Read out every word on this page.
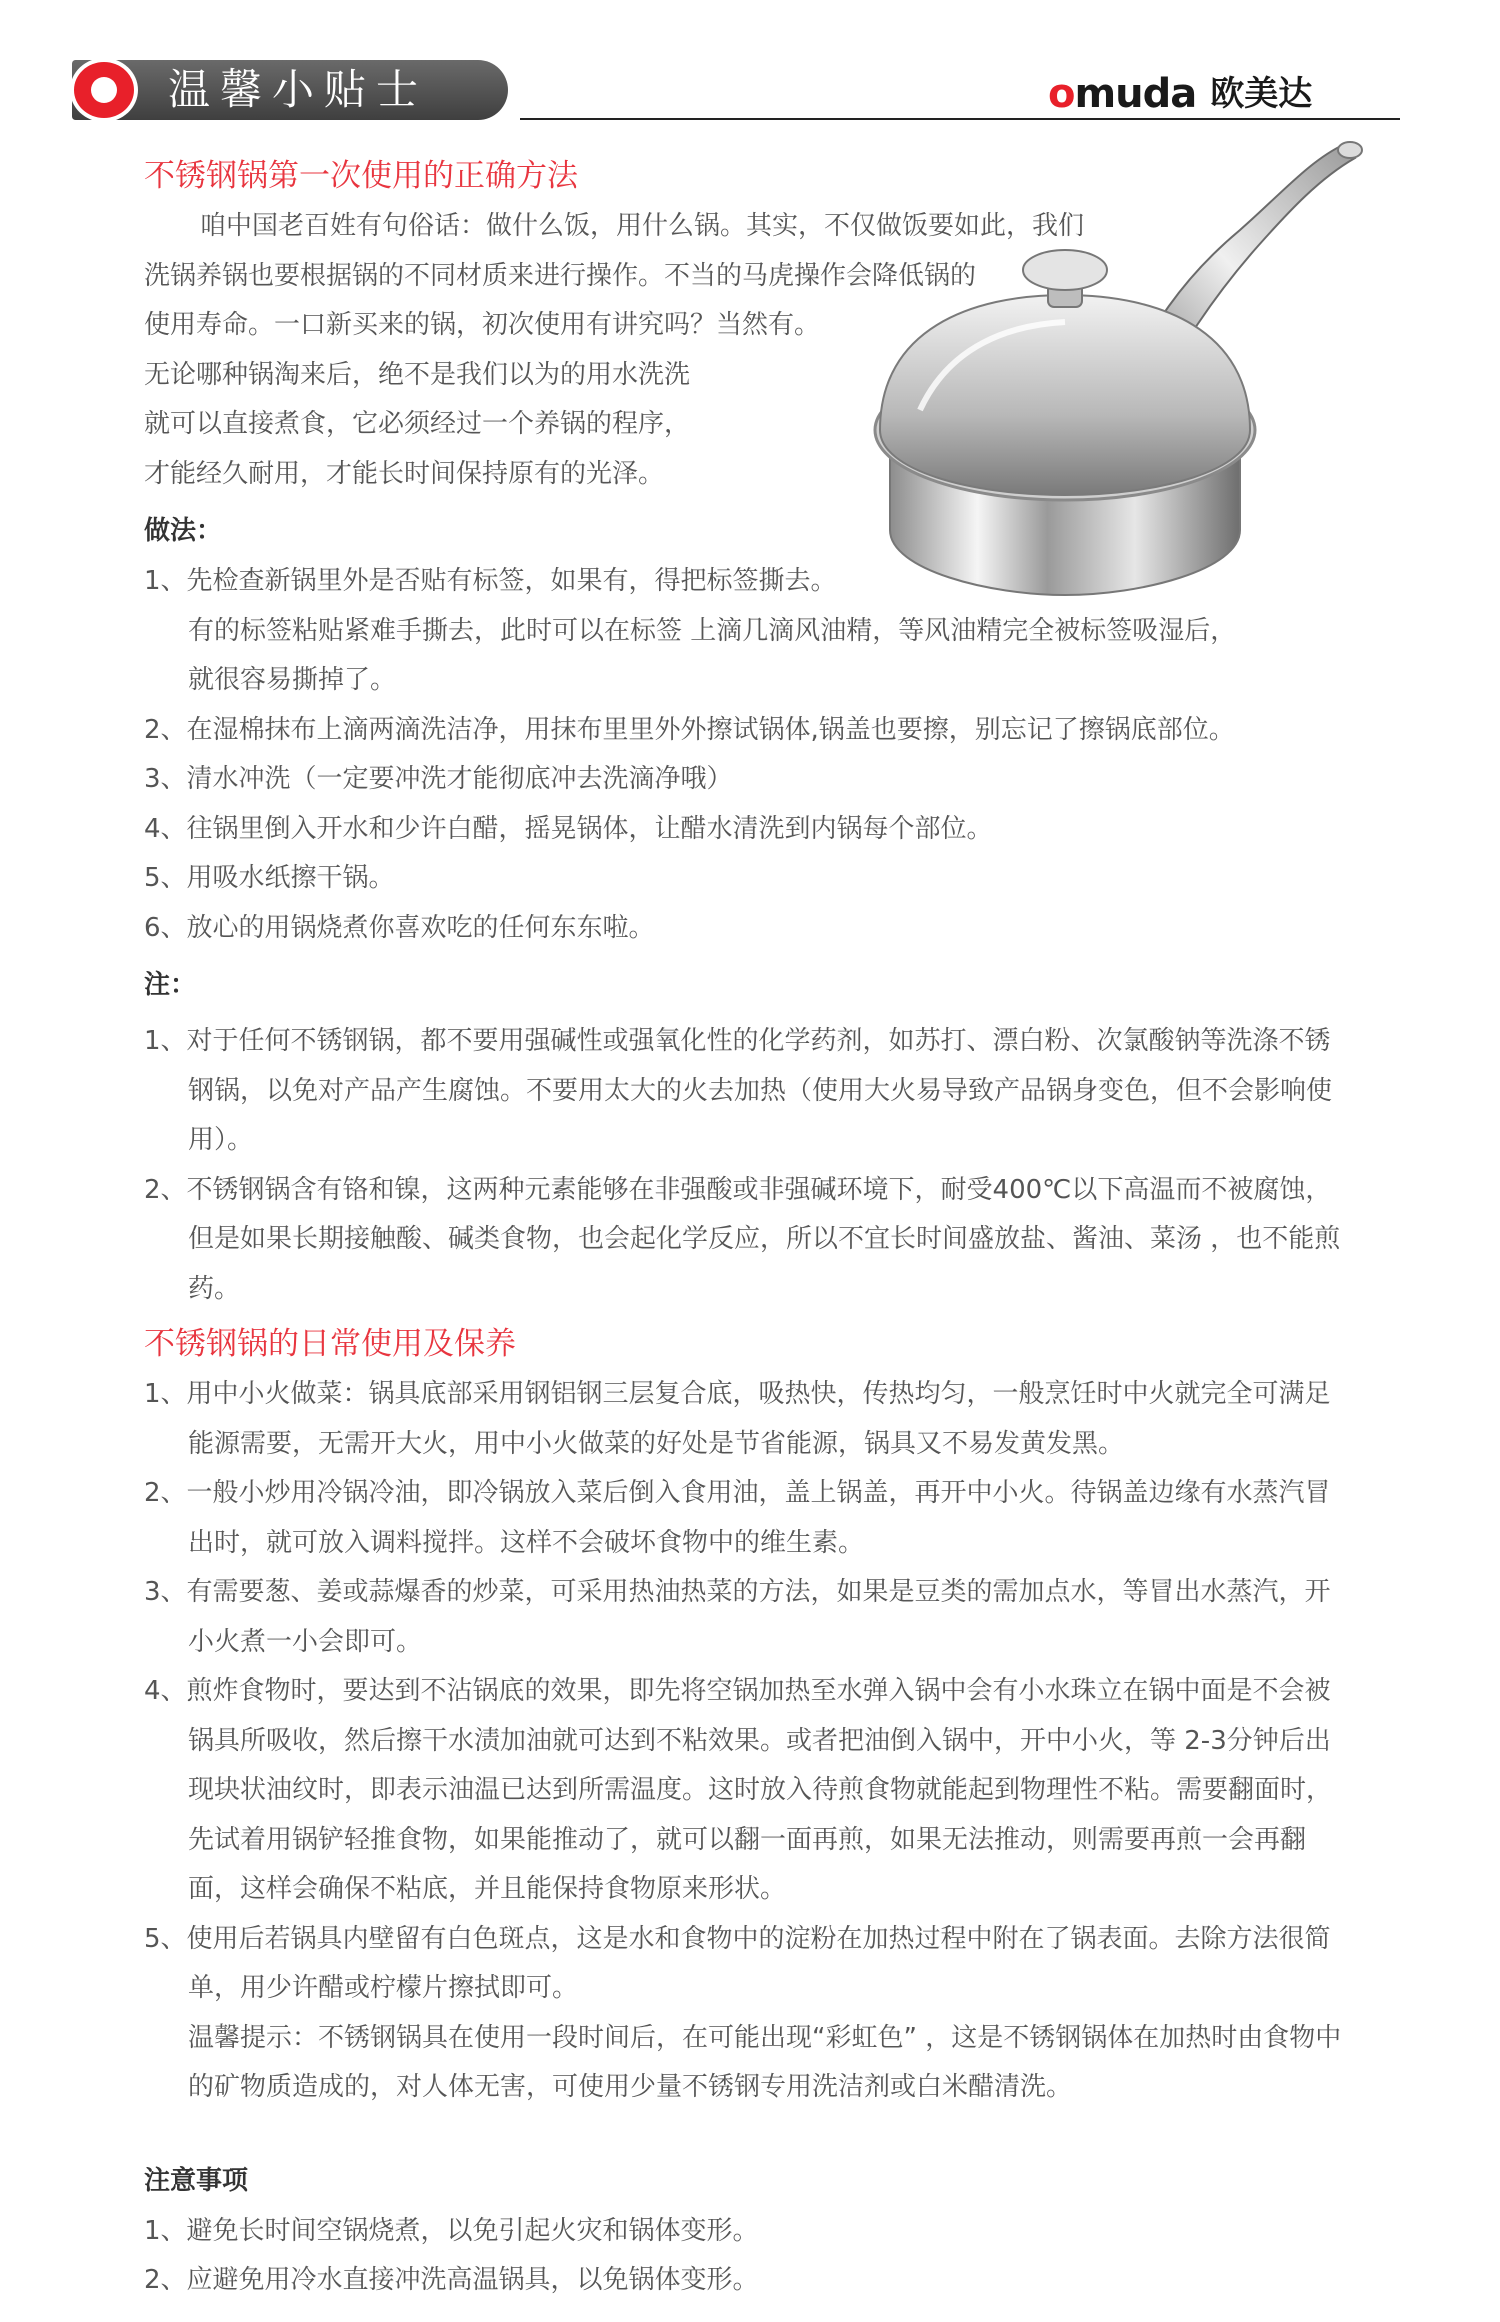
温馨小贴士	omuda 欧美达
不锈钢锅第一次使用的正确方法
咱中国老百姓有句俗话：做什么饭，用什么锅。其实，不仅做饭要如此，我们
洗锅养锅也要根据锅的不同材质来进行操作。不当的马虎操作会降低锅的
使用寿命。一口新买来的锅，初次使用有讲究吗？当然有。
无论哪种锅淘来后，绝不是我们以为的用水洗洗
就可以直接煮食，它必须经过一个养锅的程序，
才能经久耐用，才能长时间保持原有的光泽。
做法：
1、先检查新锅里外是否贴有标签，如果有，得把标签撕去。
有的标签粘贴紧难手撕去，此时可以在标签 上滴几滴风油精，等风油精完全被标签吸湿后，
就很容易撕掉了。
2、在湿棉抹布上滴两滴洗洁净，用抹布里里外外擦试锅体,锅盖也要擦，别忘记了擦锅底部位。
3、清水冲洗（一定要冲洗才能彻底冲去洗滴净哦）
4、往锅里倒入开水和少许白醋，摇晃锅体，让醋水清洗到内锅每个部位。
5、用吸水纸擦干锅。
6、放心的用锅烧煮你喜欢吃的任何东东啦。
注：
1、对于任何不锈钢锅，都不要用强碱性或强氧化性的化学药剂，如苏打、漂白粉、次氯酸钠等洗涤不锈钢锅，以免对产品产生腐蚀。不要用太大的火去加热（使用大火易导致产品锅身变色，但不会影响使用）。
2、不锈钢锅含有铬和镍，这两种元素能够在非强酸或非强碱环境下，耐受400℃以下高温而不被腐蚀，但是如果长期接触酸、碱类食物，也会起化学反应，所以不宜长时间盛放盐、酱油、菜汤 ，也不能煎药。
不锈钢锅的日常使用及保养
1、用中小火做菜：锅具底部采用钢铝钢三层复合底，吸热快，传热均匀，一般烹饪时中火就完全可满足能源需要，无需开大火，用中小火做菜的好处是节省能源，锅具又不易发黄发黑。
2、一般小炒用冷锅冷油，即冷锅放入菜后倒入食用油，盖上锅盖，再开中小火。待锅盖边缘有水蒸汽冒出时，就可放入调料搅拌。这样不会破坏食物中的维生素。
3、有需要葱、姜或蒜爆香的炒菜，可采用热油热菜的方法，如果是豆类的需加点水，等冒出水蒸汽，开小火煮一小会即可。
4、煎炸食物时，要达到不沾锅底的效果，即先将空锅加热至水弹入锅中会有小水珠立在锅中面是不会被锅具所吸收，然后擦干水渍加油就可达到不粘效果。或者把油倒入锅中，开中小火，等 2-3分钟后出现块状油纹时，即表示油温已达到所需温度。这时放入待煎食物就能起到物理性不粘。需要翻面时，先试着用锅铲轻推食物，如果能推动了，就可以翻一面再煎，如果无法推动，则需要再煎一会再翻面，这样会确保不粘底，并且能保持食物原来形状。
5、使用后若锅具内壁留有白色斑点，这是水和食物中的淀粉在加热过程中附在了锅表面。去除方法很简单，用少许醋或柠檬片擦拭即可。
温馨提示：不锈钢锅具在使用一段时间后，在可能出现“彩虹色” ，这是不锈钢锅体在加热时由食物中的矿物质造成的，对人体无害，可使用少量不锈钢专用洗洁剂或白米醋清洗。
注意事项
1、避免长时间空锅烧煮，以免引起火灾和锅体变形。
2、应避免用冷水直接冲洗高温锅具，以免锅体变形。
